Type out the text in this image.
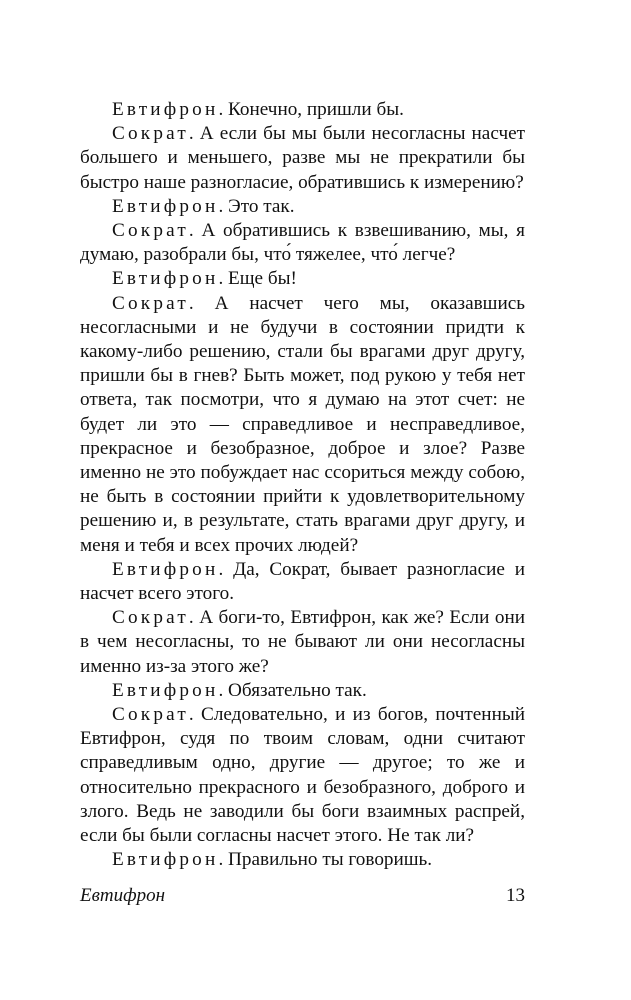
Евтифрон. Конечно, пришли бы.

Сократ. А если бы мы были несогласны насчет большего и меньшего, разве мы не прекратили бы быстро наше разногласие, обратившись к измерению?

Евтифрон. Это так.

Сократ. А обратившись к взвешиванию, мы, я думаю, разобрали бы, что́ тяжелее, что́ легче?

Евтифрон. Еще бы!

Сократ. А насчет чего мы, оказавшись несогласными и не будучи в состоянии придти к какому-либо решению, стали бы врагами друг другу, пришли бы в гнев? Быть может, под рукою у тебя нет ответа, так посмотри, что я думаю на этот счет: не будет ли это — справедливое и несправедливое, прекрасное и безобразное, доброе и злое? Разве именно не это побуждает нас ссориться между собою, не быть в состоянии прийти к удовлетворительному решению и, в результате, стать врагами друг другу, и меня и тебя и всех прочих людей?

Евтифрон. Да, Сократ, бывает разногласие и насчет всего этого.

Сократ. А боги-то, Евтифрон, как же? Если они в чем несогласны, то не бывают ли они несогласны именно из-за этого же?

Евтифрон. Обязательно так.

Сократ. Следовательно, и из богов, почтенный Евтифрон, судя по твоим словам, одни считают справедливым одно, другие — другое; то же и относительно прекрасного и безобразного, доброго и злого. Ведь не заводили бы боги взаимных распрей, если бы были согласны насчет этого. Не так ли?

Евтифрон. Правильно ты говоришь.

Евтифрон	13
